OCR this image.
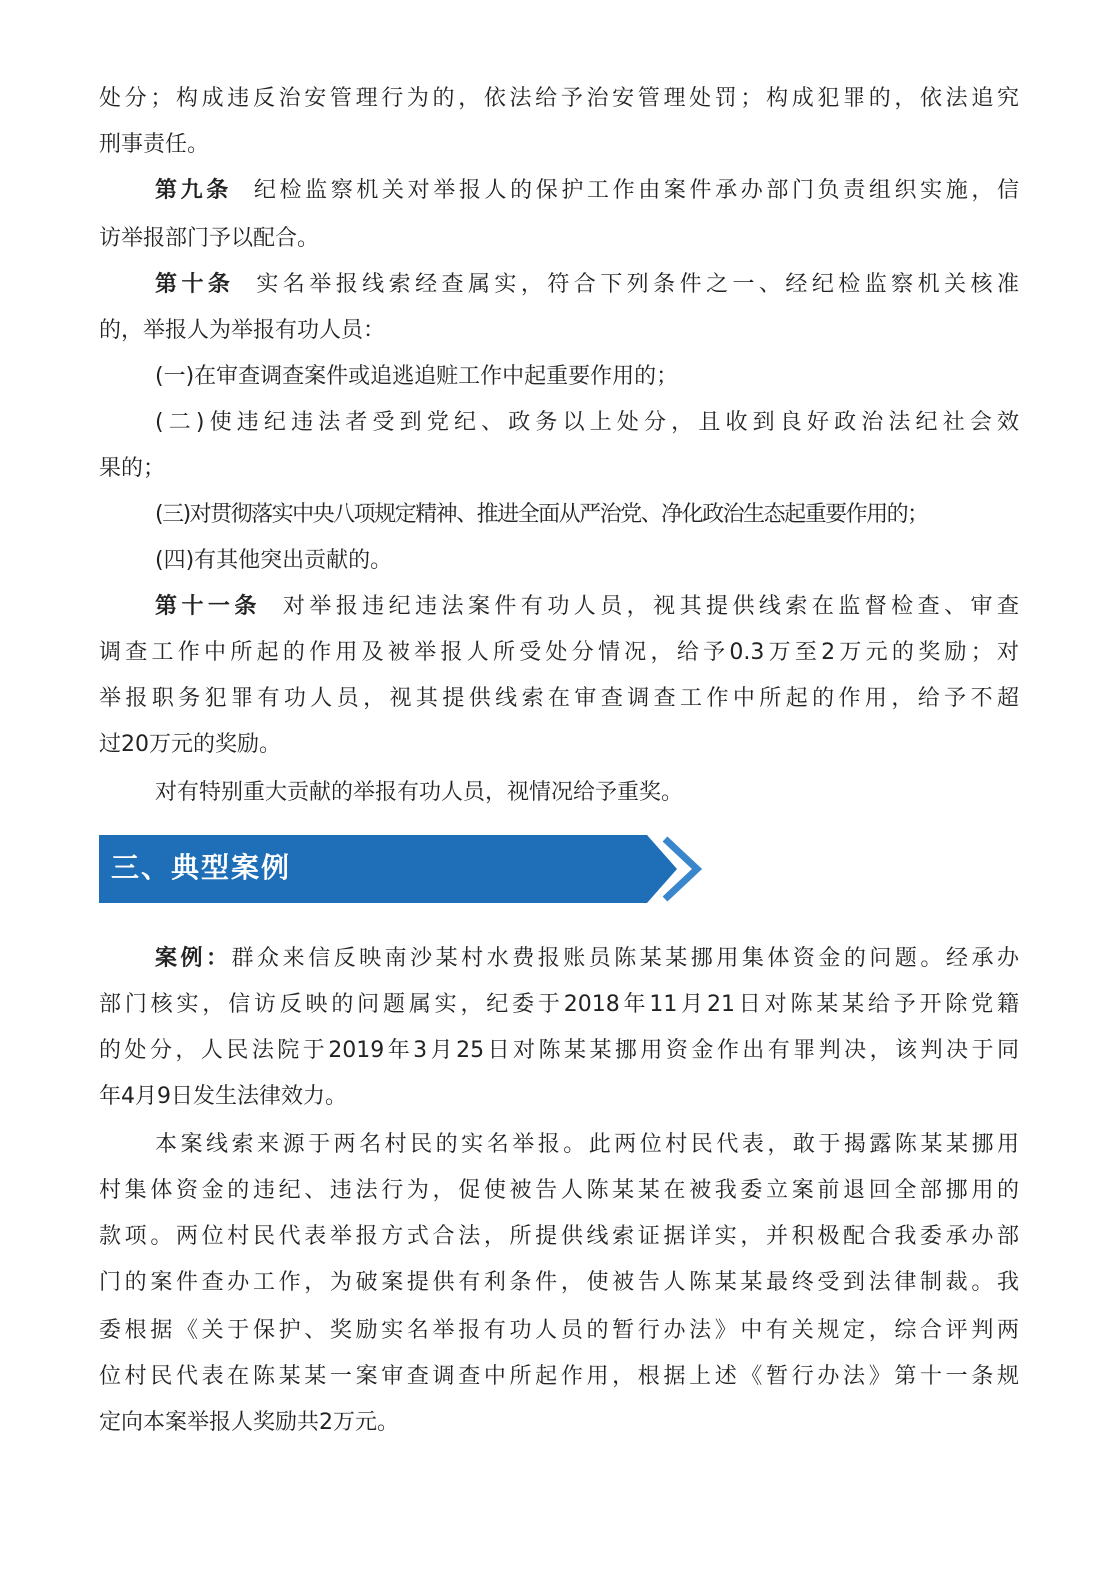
处分；构成违反治安管理行为的，依法给予治安管理处罚；构成犯罪的，依法追究
刑事责任。
第九条 纪检监察机关对举报人的保护工作由案件承办部门负责组织实施，信
访举报部门予以配合。
第十条 实名举报线索经查属实，符合下列条件之一、经纪检监察机关核准
的，举报人为举报有功人员：
(一)在审查调查案件或追逃追赃工作中起重要作用的；
(二)使违纪违法者受到党纪、政务以上处分，且收到良好政治法纪社会效
果的；
(三)对贯彻落实中央八项规定精神、推进全面从严治党、净化政治生态起重要作用的；
(四)有其他突出贡献的。
第十一条 对举报违纪违法案件有功人员，视其提供线索在监督检查、审查
调查工作中所起的作用及被举报人所受处分情况，给予0.3万至2万元的奖励；对
举报职务犯罪有功人员，视其提供线索在审查调查工作中所起的作用，给予不超
过20万元的奖励。
对有特别重大贡献的举报有功人员，视情况给予重奖。
三、典型案例
案例：群众来信反映南沙某村水费报账员陈某某挪用集体资金的问题。经承办
部门核实，信访反映的问题属实，纪委于2018年11月21日对陈某某给予开除党籍
的处分，人民法院于2019年3月25日对陈某某挪用资金作出有罪判决，该判决于同
年4月9日发生法律效力。
本案线索来源于两名村民的实名举报。此两位村民代表，敢于揭露陈某某挪用
村集体资金的违纪、违法行为，促使被告人陈某某在被我委立案前退回全部挪用的
款项。两位村民代表举报方式合法，所提供线索证据详实，并积极配合我委承办部
门的案件查办工作，为破案提供有利条件，使被告人陈某某最终受到法律制裁。我
委根据《关于保护、奖励实名举报有功人员的暂行办法》中有关规定，综合评判两
位村民代表在陈某某一案审查调查中所起作用，根据上述《暂行办法》第十一条规
定向本案举报人奖励共2万元。
